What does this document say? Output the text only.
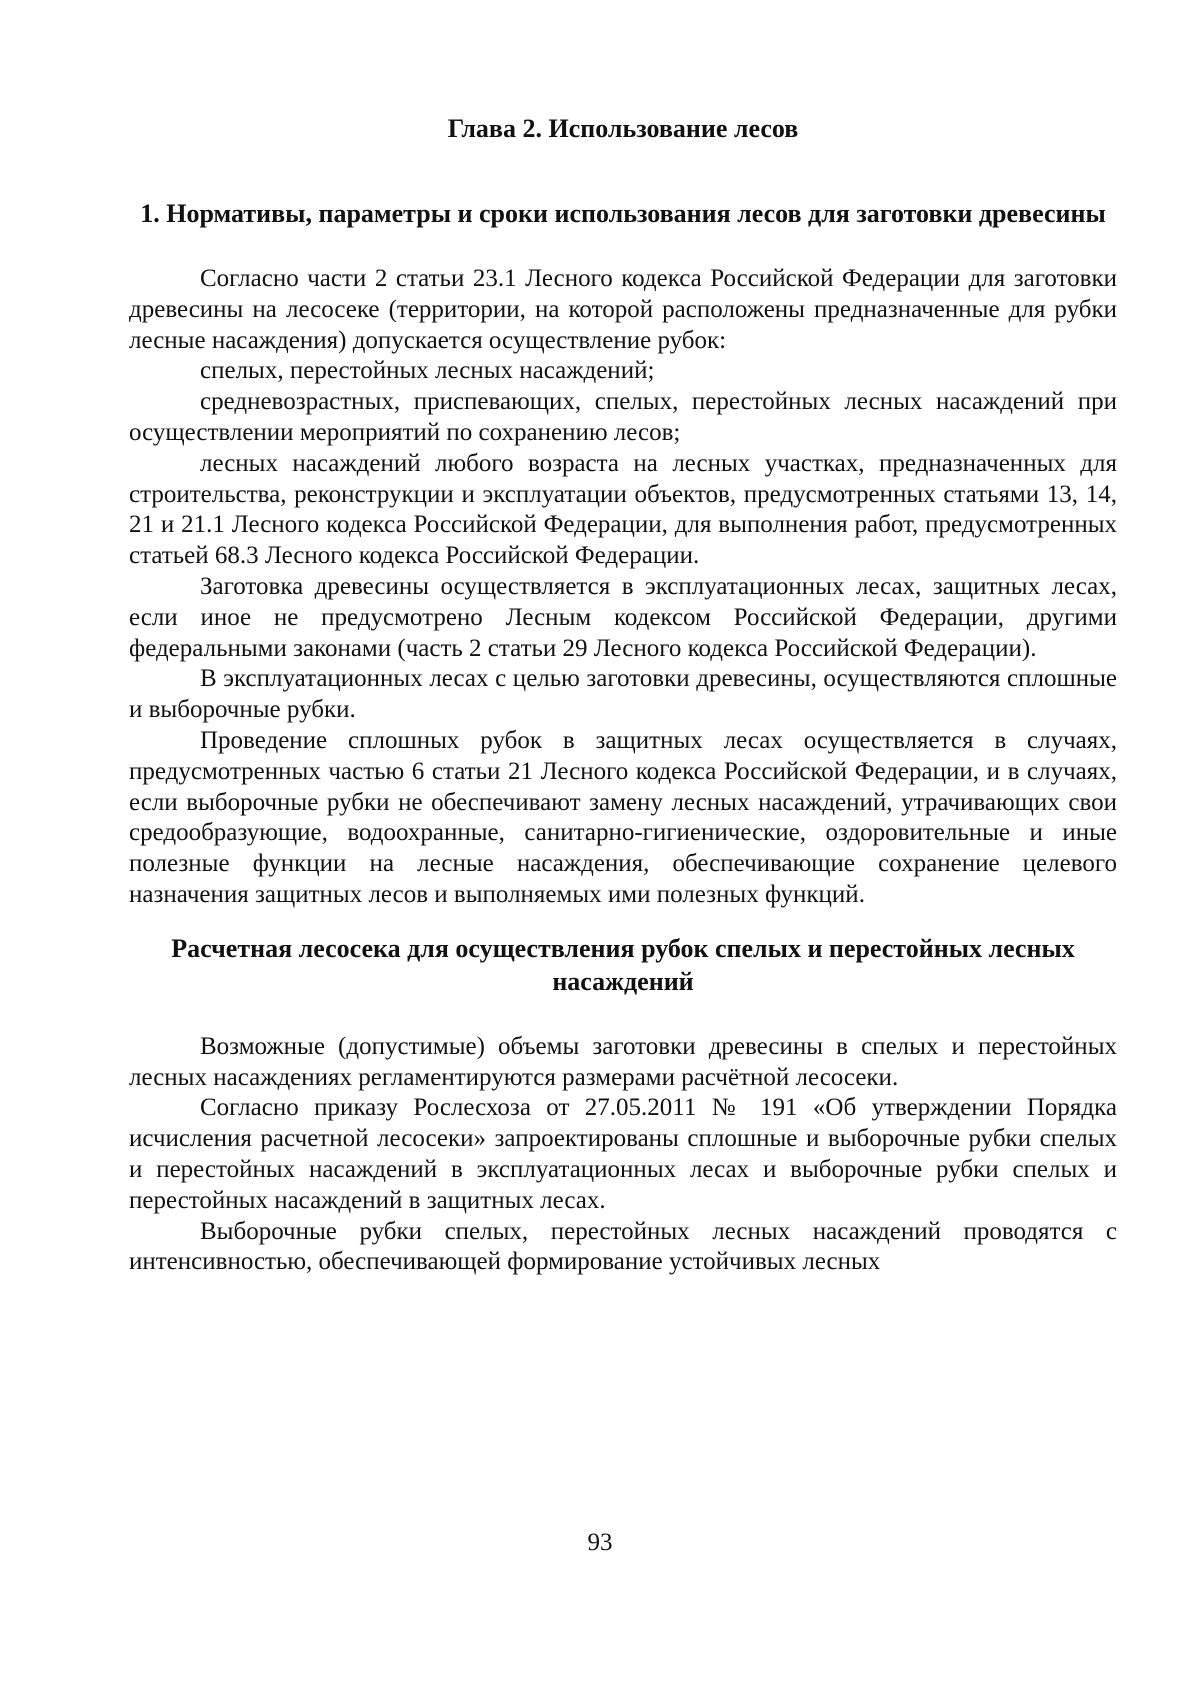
Глава 2. Использование лесов
1. Нормативы, параметры и сроки использования лесов для заготовки древесины

Согласно части 2 статьи 23.1 Лесного кодекса Российской Федерации для заготовки древесины на лесосеке (территории, на которой расположены предназначенные для рубки лесные насаждения) допускается осуществление рубок:

спелых, перестойных лесных насаждений;

средневозрастных, приспевающих, спелых, перестойных лесных насаждений при осуществлении мероприятий по сохранению лесов;

лесных насаждений любого возраста на лесных участках, предназначенных для строительства, реконструкции и эксплуатации объектов, предусмотренных статьями 13, 14, 21 и 21.1 Лесного кодекса Российской Федерации, для выполнения работ, предусмотренных статьей 68.3 Лесного кодекса Российской Федерации.

Заготовка древесины осуществляется в эксплуатационных лесах, защитных лесах, если иное не предусмотрено Лесным кодексом Российской Федерации, другими федеральными законами (часть 2 статьи 29 Лесного кодекса Российской Федерации).

В эксплуатационных лесах с целью заготовки древесины, осуществляются сплошные и выборочные рубки.

Проведение сплошных рубок в защитных лесах осуществляется в случаях, предусмотренных частью 6 статьи 21 Лесного кодекса Российской Федерации, и в случаях, если выборочные рубки не обеспечивают замену лесных насаждений, утрачивающих свои средообразующие, водоохранные, санитарно-гигиенические, оздоровительные и иные полезные функции на лесные насаждения, обеспечивающие сохранение целевого назначения защитных лесов и выполняемых ими полезных функций.

Расчетная лесосека для осуществления рубок спелых и перестойных лесных насаждений

Возможные (допустимые) объемы заготовки древесины в спелых и перестойных лесных насаждениях регламентируются размерами расчётной лесосеки.

Согласно приказу Рослесхоза от 27.05.2011 № 191 «Об утверждении Порядка исчисления расчетной лесосеки» запроектированы сплошные и выборочные рубки спелых и перестойных насаждений в эксплуатационных лесах и выборочные рубки спелых и перестойных насаждений в защитных лесах.

Выборочные рубки спелых, перестойных лесных насаждений проводятся с интенсивностью, обеспечивающей формирование устойчивых лесных

93
